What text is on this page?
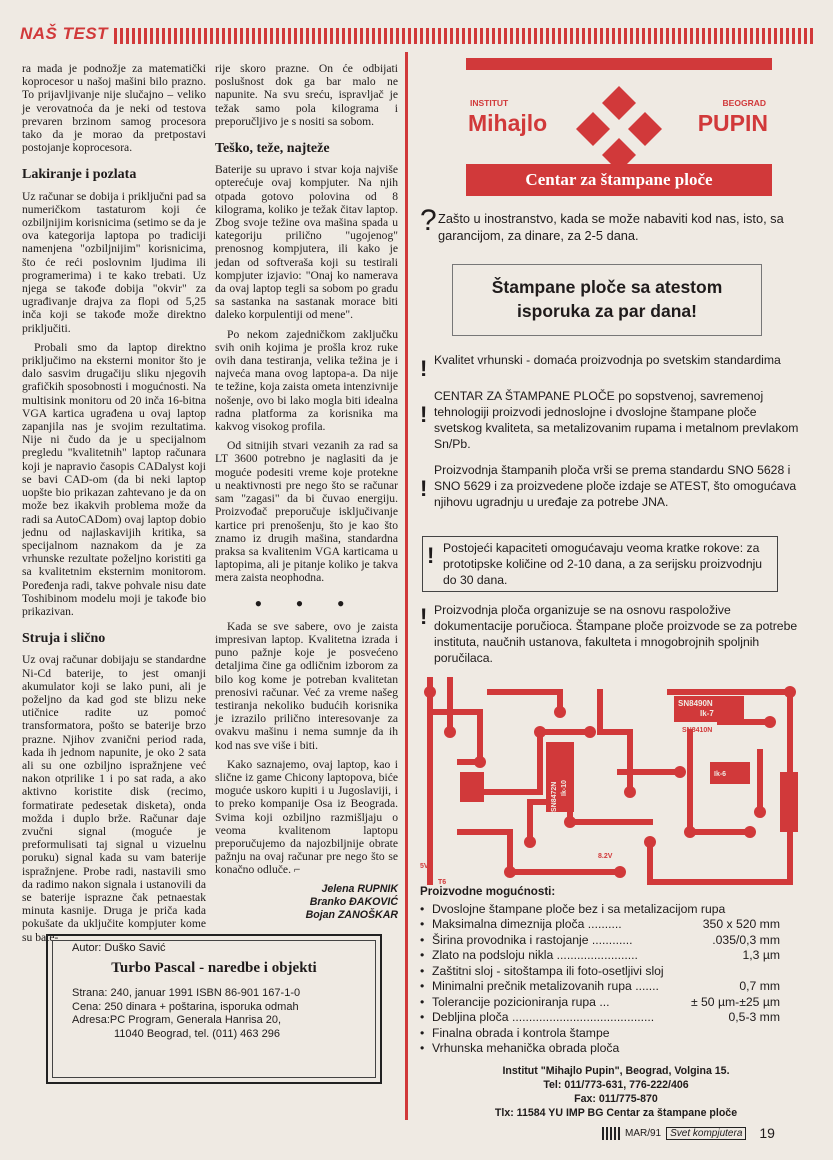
NAŠ TEST

ra mada je podnožje za matematički koprocesor u našoj mašini bilo prazno. To prijavljivanje nije slučajno – veliko je verovatnoća da je neki od testova prevaren brzinom samog procesora tako da je morao da pretpostavi postojanje koprocesora.

Lakiranje i pozlata

Uz računar se dobija i priključni pad sa numeričkom tastaturom koji će ozbiljnijim korisnicima (setimo se da je ova kategorija laptopa po tradiciji namenjena "ozbiljnijim" korisnicima, što će reći poslovnim ljudima ili programerima) i te kako trebati. Uz njega se takođe dobija "okvir" za ugrađivanje drajva za flopi od 5,25 inča koji se takođe može direktno priključiti.

Probali smo da laptop direktno priključimo na eksterni monitor što je dalo sasvim drugačiju sliku njegovih grafičkih sposobnosti i mogućnosti. Na multisink monitoru od 20 inča 16-bitna VGA kartica ugrađena u ovaj laptop zapanjila nas je svojim rezultatima. Nije ni čudo da je u specijalnom pregledu "kvalitetnih" laptop računara koji je napravio časopis CADalyst koji se bavi CAD-om (da bi neki laptop uopšte bio prikazan zahtevano je da on može bez ikakvih problema može da radi sa AutoCADom) ovaj laptop dobio jednu od najlaskavijih kritika, sa specijalnom naznakom da je za vrhunske rezultate poželjno koristiti ga sa kvalitetnim eksternim monitorom. Poređenja radi, takve pohvale nisu date Toshibinom modelu moji je takođe bio prikazivan.

Struja i slično

Uz ovaj računar dobijaju se standardne Ni-Cd baterije, to jest omanji akumulator koji se lako puni, ali je poželjno da kad god ste blizu neke utičnice radite uz pomoć transformatora, pošto se baterije brzo prazne. Njihov zvanični period rada, kada ih jednom napunite, je oko 2 sata ali su one ozbiljno ispražnjene već nakon otprilike 1 i po sat rada, a ako aktivno koristite disk (recimo, formatirate pedesetak disketa), onda možda i duplo brže. Računar daje zvučni signal (moguće je preformulisati taj signal u vizuelnu poruku) signal kada su vam baterije ispražnjene. Probe radi, nastavili smo da radimo nakon signala i ustanovili da se baterije isprazne čak petnaestak minuta kasnije. Druga je priča kada pokušate da uključite kompjuter kome su bate-

rije skoro prazne. On će odbijati poslušnost dok ga bar malo ne napunite. Na svu sreću, ispravljač je težak samo pola kilograma i preporučljivo je s nositi sa sobom.

Teško, teže, najteže

Baterije su upravo i stvar koja najviše opterećuje ovaj kompjuter. Na njih otpada gotovo polovina od 8 kilograma, koliko je težak čitav laptop. Zbog svoje težine ova mašina spada u kategoriju prilično "ugojenog" prenosnog kompjutera, ili kako je jedan od softveraša koji su testirali kompjuter izjavio: "Onaj ko namerava da ovaj laptop tegli sa sobom po gradu sa sastanka na sastanak morace biti daleko korpulentiji od mene".

Po nekom zajedničkom zaključku svih onih kojima je prošla kroz ruke ovih dana testiranja, velika težina je i najveća mana ovog laptopa-a. Da nije te težine, koja zaista ometa intenzivnije nošenje, ovo bi lako mogla biti idealna radna platforma za korisnika ma kakvog visokog profila.

Od sitnijih stvari vezanih za rad sa LT 3600 potrebno je naglasiti da je moguće podesiti vreme koje protekne u neaktivnosti pre nego što se računar sam "zagasi" da bi čuvao energiju. Proizvođač preporučuje isključivanje kartice pri prenošenju, što je kao što znamo iz drugih mašina, standardna praksa sa kvalitenim VGA karticama u laptopima, ali je pitanje koliko je takva mera zaista neophodna.

• • •

Kada se sve sabere, ovo je zaista impresivan laptop. Kvalitetna izrada i puno pažnje koje je posvećeno detaljima čine ga odličnim izborom za bilo kog kome je potreban kvalitetan prenosivi računar. Već za vreme našeg testiranja nekoliko budućih korisnika je izrazilo prilično interesovanje za ovakvu mašinu i nema sumnje da ih kod nas sve više i biti.

Kako saznajemo, ovaj laptop, kao i slične iz game Chicony laptopova, biće moguće uskoro kupiti i u Jugoslaviji, i to preko kompanije Osa iz Beograda. Svima koji ozbiljno razmišljaju o veoma kvalitenom laptopu preporučujemo da najozbiljnije obrate pažnju na ovaj računar pre nego što se konačno odluče. ⌐

Jelena RUPNIK
Branko ĐAKOVIĆ
Bojan ZANOŠKAR
Autor: Duško Savić
Turbo Pascal - naredbe i objekti
Strana: 240, januar 1991 ISBN 86-901 167-1-0
Cena: 250 dinara + poštarina, isporuka odmah
Adresa:PC Program, Generala Hanrisa 20,
11040 Beograd, tel. (011) 463 296
INSTITUT	BEOGRAD
Mihajlo	PUPIN
Centar za štampane ploče
? Zašto u inostranstvo, kada se može nabaviti kod nas, isto, sa garancijom, za dinare, za 2-5 dana.
Štampane ploče sa atestom
isporuka za par dana!
! Kvalitet vrhunski - domaća proizvodnja po svetskim standardima
!
CENTAR ZA ŠTAMPANE PLOČE po sopstvenoj, savremenoj tehnologiji proizvodi jednoslojne i dvoslojne štampane ploče svetskog kvaliteta, sa metalizovanim rupama i metalnom prevlakom Sn/Pb.
!
Proizvodnja štampanih ploča vrši se prema standardu SNO 5628 i SNO 5629 i za proizvedene ploče izdaje se ATEST, što omogućava njihovu ugradnju u uređaje za potrebe JNA.
! Postojeći kapaciteti omogućavaju veoma kratke rokove: za prototipske količine od 2-10 dana, a za serijsku proizvodnju do 30 dana.
! Proizvodnja ploča organizuje se na osnovu raspoložive dokumentacije poručioca. Štampane ploče proizvode se za potrebe instituta, naučnih ustanova, fakulteta i mnogobrojnih spoljnih poručilaca.
SN8490N
Ik-7
SN8410N
SN8472N Ik-10
Ik-6
T6
5V
8.2V
Proizvodne mogućnosti:
• Dvoslojne štampane ploče bez i sa metalizacijom rupa
• Maksimalna dimeznija ploča ..........	350 x 520 mm
• Širina provodnika i rastojanje ............	.035/0,3 mm
• Zlato na podsloju nikla ........................	1,3 µm
• Zaštitni sloj - sitoštampa ili foto-osetljivi sloj
• Minimalni prečnik metalizovanih rupa .......	0,7 mm
• Tolerancije pozicioniranja rupa ...	± 50 µm-±25 µm
• Debljina ploča ..........................................	0,5-3 mm
• Finalna obrada i kontrola štampe
• Vrhunska mehanička obrada ploča
Institut "Mihajlo Pupin", Beograd, Volgina 15.
Tel: 011/773-631, 776-222/406
Fax: 011/775-870
Tlx: 11584 YU IMP BG Centar za štampane ploče
MAR/91 Svet kompjutera 19
